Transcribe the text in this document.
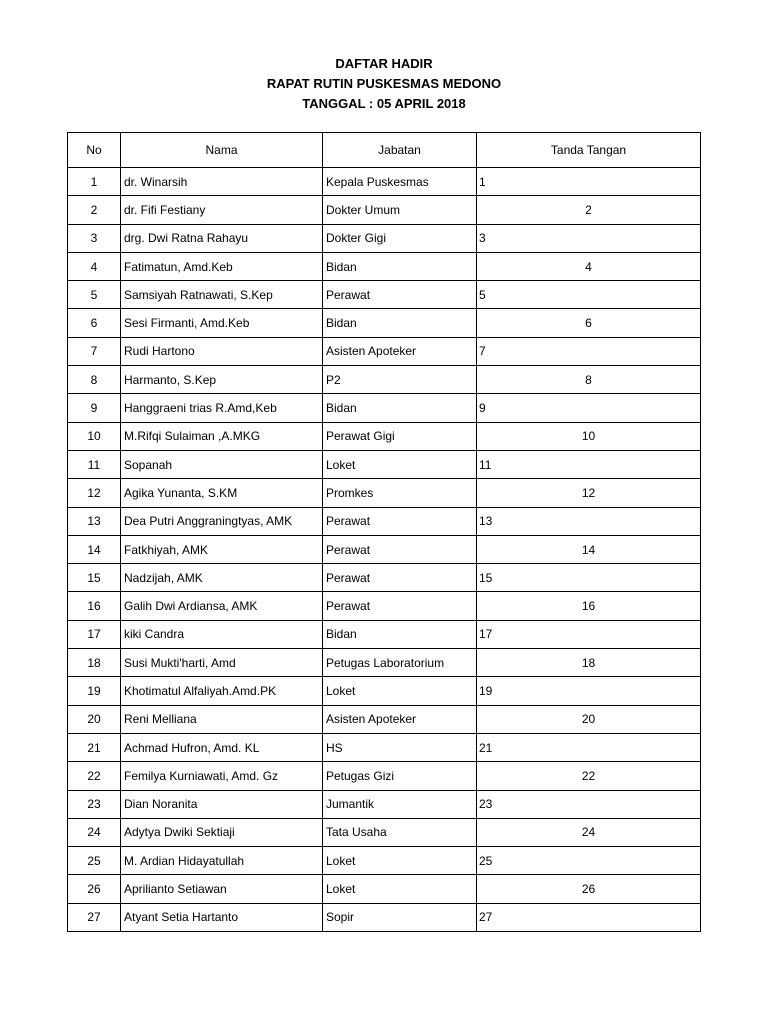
DAFTAR HADIR
RAPAT RUTIN PUSKESMAS MEDONO
TANGGAL : 05 APRIL 2018
No	Nama	Jabatan	Tanda Tangan
1	dr. Winarsih	Kepala Puskesmas	1
2	dr. Fifi Festiany	Dokter Umum	2
3	drg. Dwi Ratna Rahayu	Dokter Gigi	3
4	Fatimatun, Amd.Keb	Bidan	4
5	Samsiyah Ratnawati, S.Kep	Perawat	5
6	Sesi Firmanti, Amd.Keb	Bidan	6
7	Rudi Hartono	Asisten Apoteker	7
8	Harmanto, S.Kep	P2	8
9	Hanggraeni trias R.Amd,Keb	Bidan	9
10	M.Rifqi Sulaiman ,A.MKG	Perawat Gigi	10
11	Sopanah	Loket	11
12	Agika Yunanta, S.KM	Promkes	12
13	Dea Putri Anggraningtyas, AMK	Perawat	13
14	Fatkhiyah, AMK	Perawat	14
15	Nadzijah, AMK	Perawat	15
16	Galih Dwi Ardiansa, AMK	Perawat	16
17	kiki Candra	Bidan	17
18	Susi Mukti'harti, Amd	Petugas Laboratorium	18
19	Khotimatul Alfaliyah.Amd.PK	Loket	19
20	Reni Melliana	Asisten Apoteker	20
21	Achmad Hufron, Amd. KL	HS	21
22	Femilya Kurniawati, Amd. Gz	Petugas Gizi	22
23	Dian Noranita	Jumantik	23
24	Adytya Dwiki Sektiaji	Tata Usaha	24
25	M. Ardian Hidayatullah	Loket	25
26	Aprilianto Setiawan	Loket	26
27	Atyant Setia Hartanto	Sopir	27
